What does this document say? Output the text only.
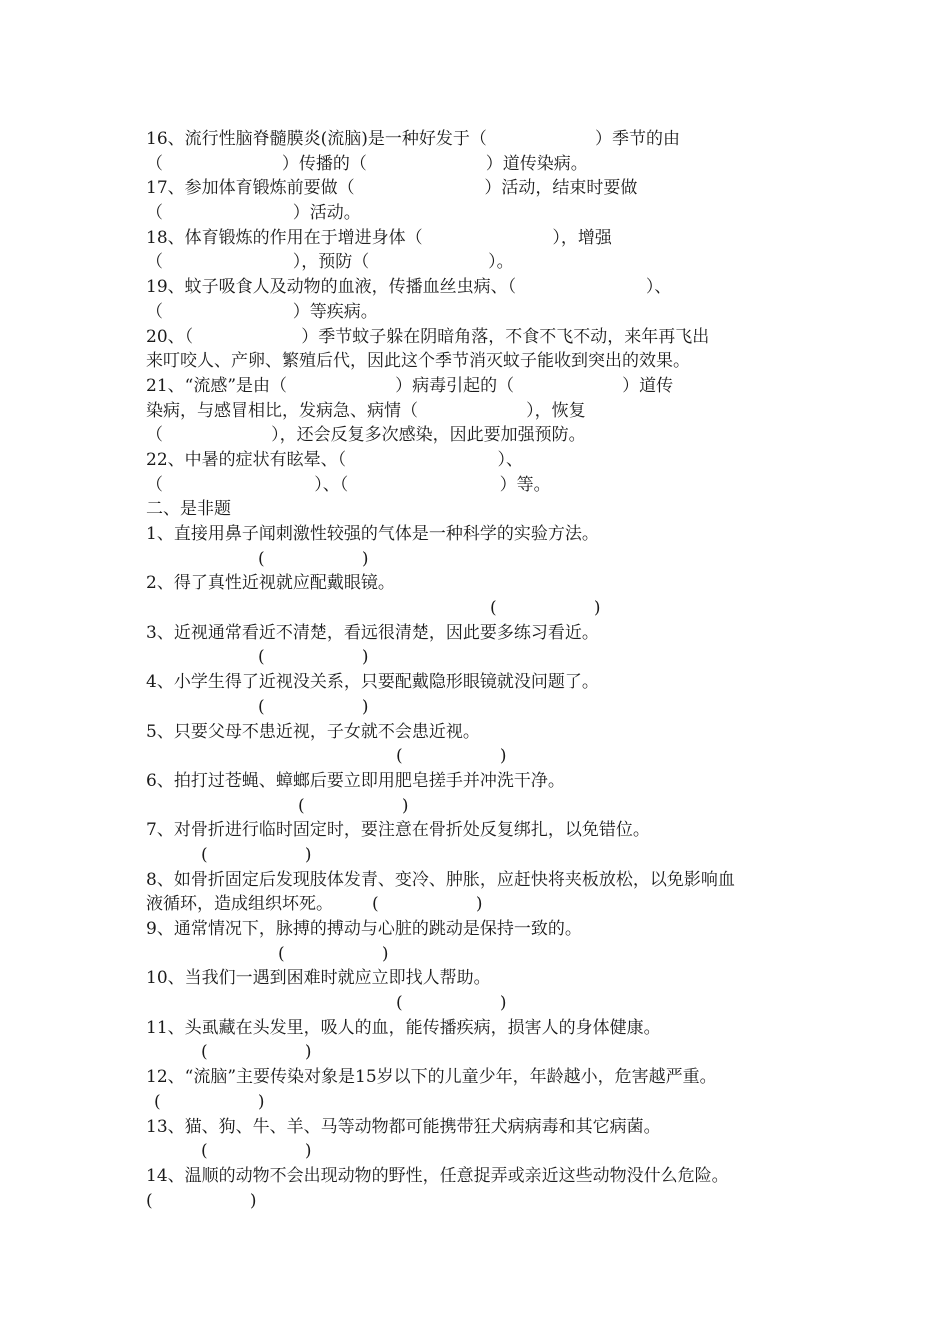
16、流行性脑脊髓膜炎(流脑)是一种好发于（                    ）季节的由
（                      ）传播的（                      ）道传染病。
17、参加体育锻炼前要做（                        ）活动，结束时要做
（                        ）活动。
18、体育锻炼的作用在于增进身体（                        ），增强
（                        ），预防（                      ）。
19、蚊子吸食人及动物的血液，传播血丝虫病、（                        ）、
（                        ）等疾病。
20、（                    ）季节蚊子躲在阴暗角落，不食不飞不动，来年再飞出
来叮咬人、产卵、繁殖后代，因此这个季节消灭蚊子能收到突出的效果。
21、“流感”是由（                    ）病毒引起的（                    ）道传
染病，与感冒相比，发病急、病情（                    ），恢复
（                    ），还会反复多次感染，因此要加强预防。
22、中暑的症状有眩晕、（                            ）、
（                            ）、（                            ）等。
二、是非题
1、直接用鼻子闻刺激性较强的气体是一种科学的实验方法。
(                  )
2、得了真性近视就应配戴眼镜。
(                  )
3、近视通常看近不清楚，看远很清楚，因此要多练习看近。
(                  )
4、小学生得了近视没关系，只要配戴隐形眼镜就没问题了。
(                  )
5、只要父母不患近视，子女就不会患近视。
(                  )
6、拍打过苍蝇、蟑螂后要立即用肥皂搓手并冲洗干净。
(                  )
7、对骨折进行临时固定时，要注意在骨折处反复绑扎，以免错位。
(                  )
8、如骨折固定后发现肢体发青、变冷、肿胀，应赶快将夹板放松，以免影响血
液循环，造成组织坏死。 (                  )
9、通常情况下，脉搏的搏动与心脏的跳动是保持一致的。
(                  )
10、当我们一遇到困难时就应立即找人帮助。
(                  )
11、头虱藏在头发里，吸人的血，能传播疾病，损害人的身体健康。
(                  )
12、“流脑”主要传染对象是15岁以下的儿童少年，年龄越小，危害越严重。
(                  )
13、猫、狗、牛、羊、马等动物都可能携带狂犬病病毒和其它病菌。
(                  )
14、温顺的动物不会出现动物的野性，任意捉弄或亲近这些动物没什么危险。
(                  )
